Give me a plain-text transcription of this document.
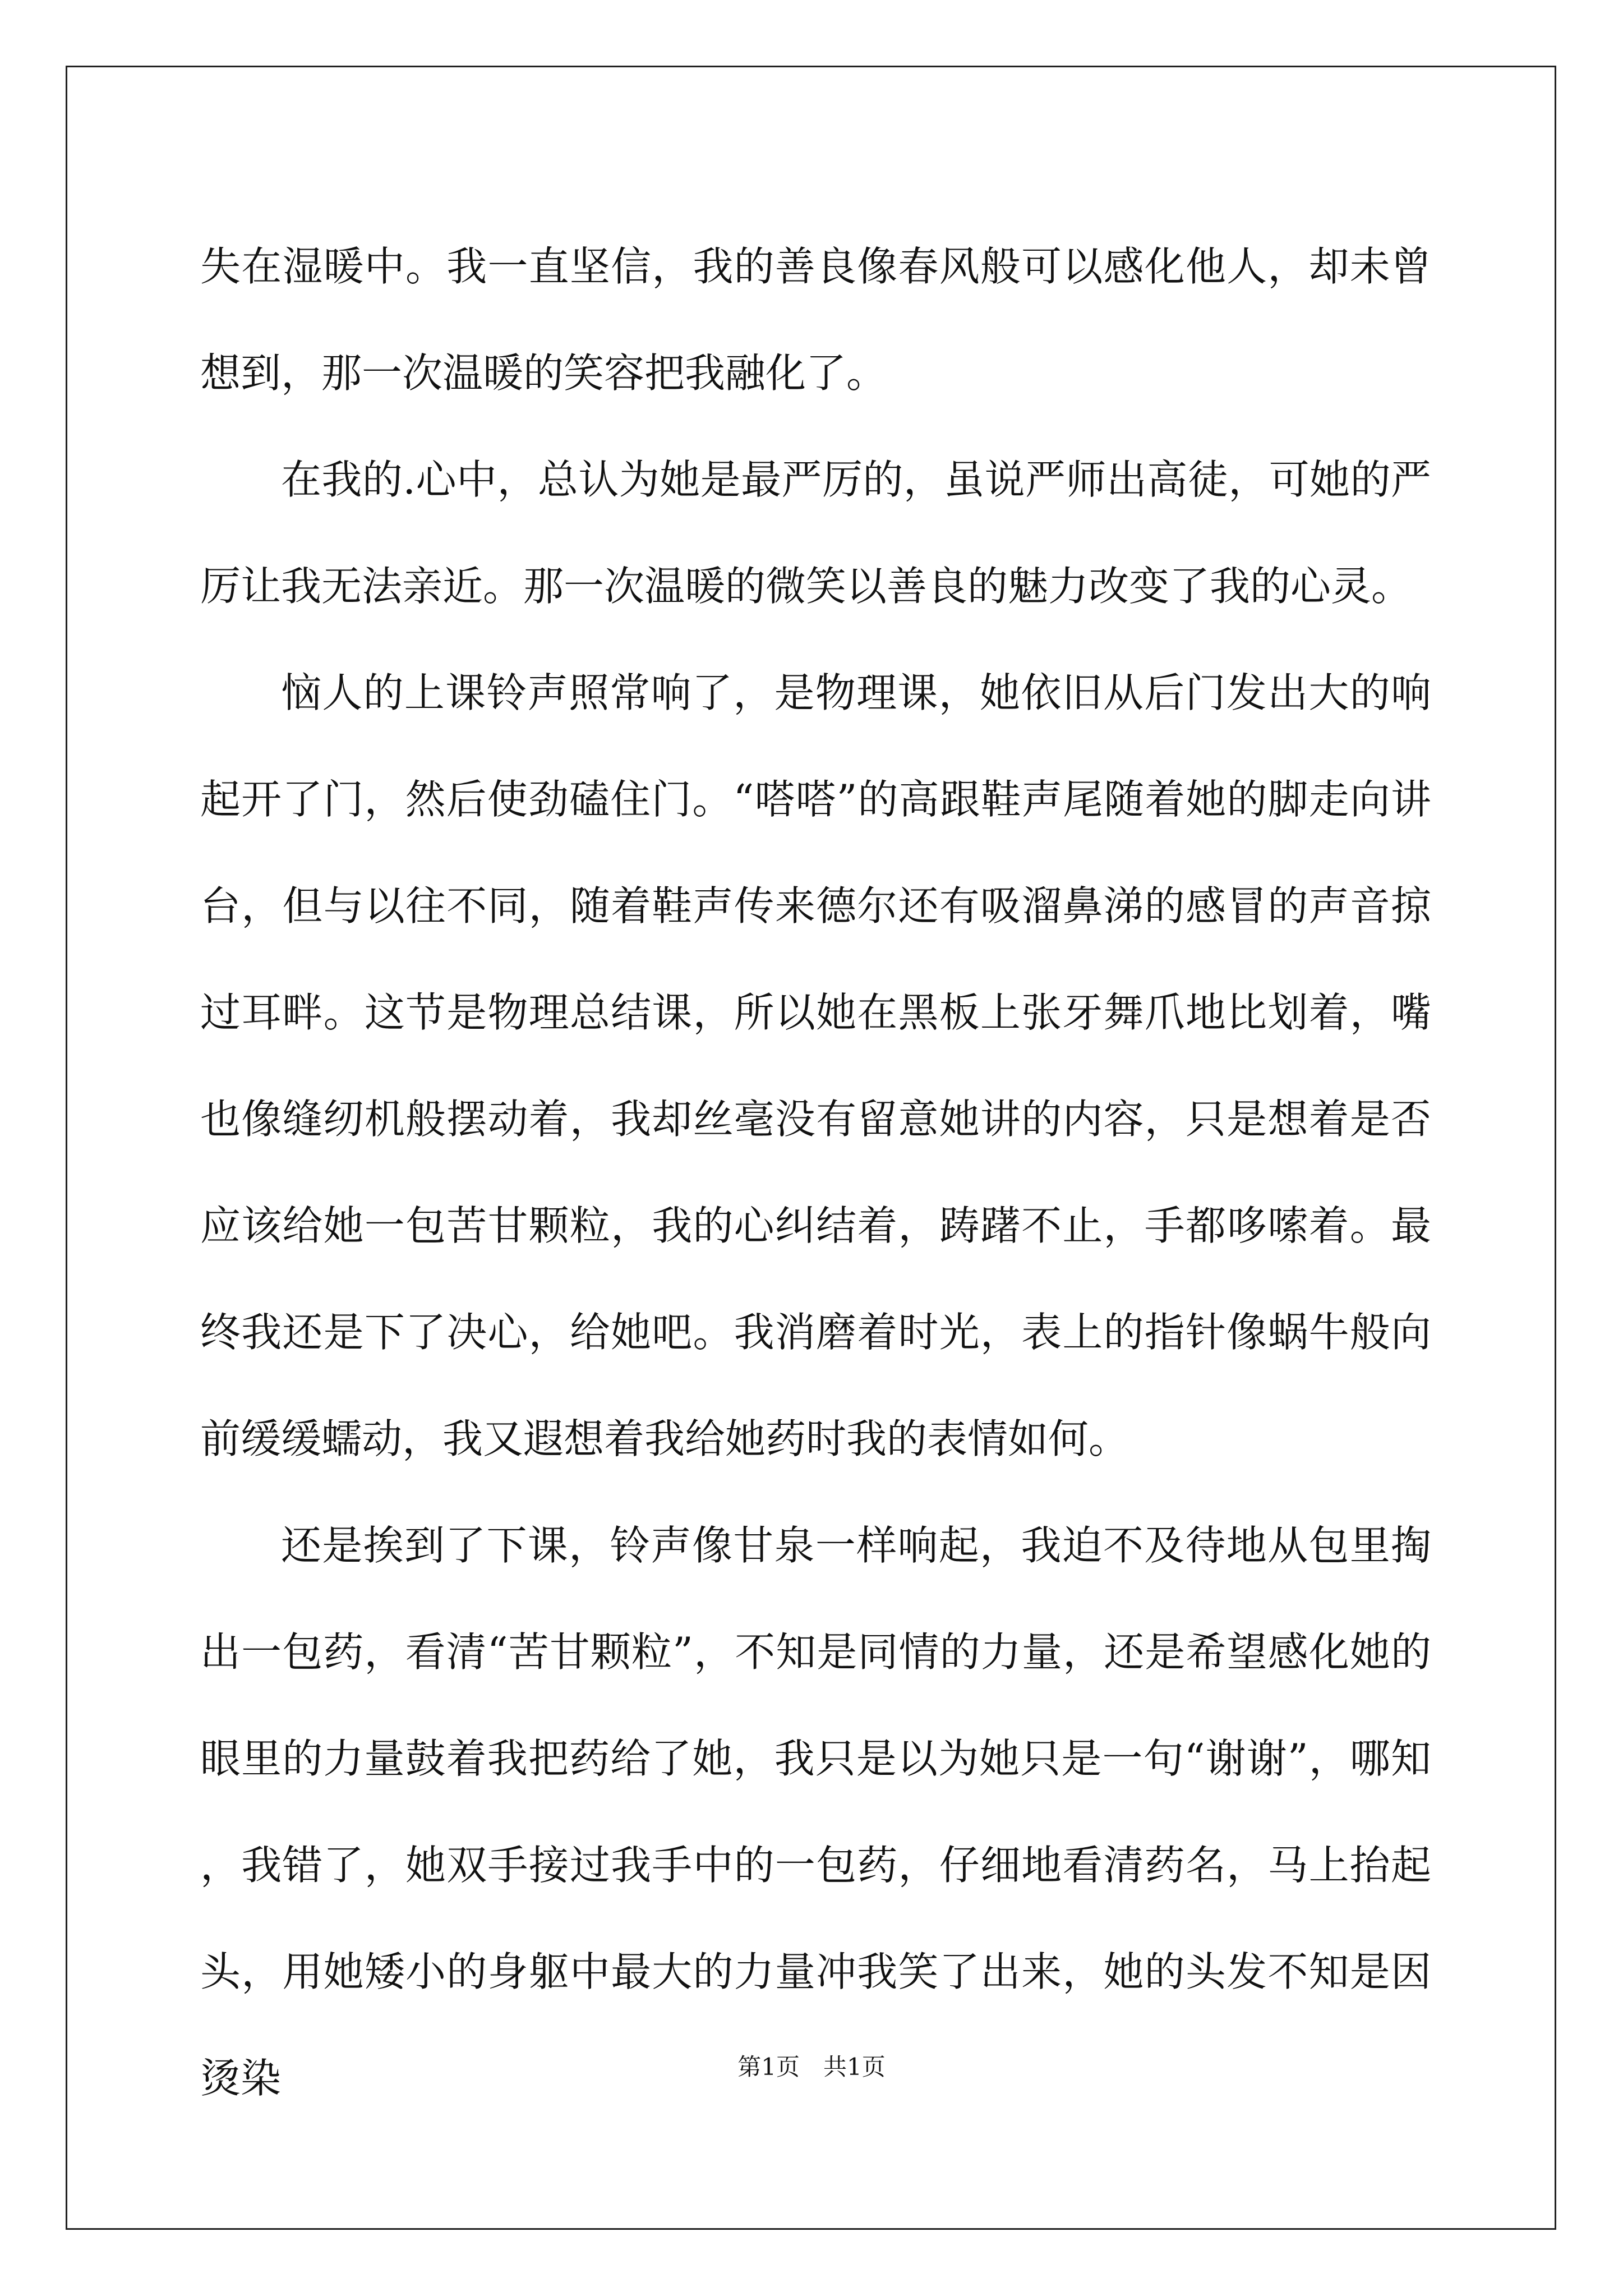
失在湿暖中。我一直坚信，我的善良像春风般可以感化他人，却未曾想到，那一次温暖的笑容把我融化了。

在我的.心中，总认为她是最严厉的，虽说严师出高徒，可她的严厉让我无法亲近。那一次温暖的微笑以善良的魅力改变了我的心灵。

恼人的上课铃声照常响了，是物理课，她依旧从后门发出大的响起开了门，然后使劲磕住门。“嗒嗒”的高跟鞋声尾随着她的脚走向讲台，但与以往不同，随着鞋声传来德尔还有吸溜鼻涕的感冒的声音掠过耳畔。这节是物理总结课，所以她在黑板上张牙舞爪地比划着，嘴也像缝纫机般摆动着，我却丝毫没有留意她讲的内容，只是想着是否应该给她一包苦甘颗粒，我的心纠结着，踌躇不止，手都哆嗦着。最终我还是下了决心，给她吧。我消磨着时光，表上的指针像蜗牛般向前缓缓蠕动，我又遐想着我给她药时我的表情如何。

还是挨到了下课，铃声像甘泉一样响起，我迫不及待地从包里掏出一包药，看清“苦甘颗粒”，不知是同情的力量，还是希望感化她的眼里的力量鼓着我把药给了她，我只是以为她只是一句“谢谢”，哪知，我错了，她双手接过我手中的一包药，仔细地看清药名，马上抬起头，用她矮小的身躯中最大的力量冲我笑了出来，她的头发不知是因烫染	第1页　共1页
